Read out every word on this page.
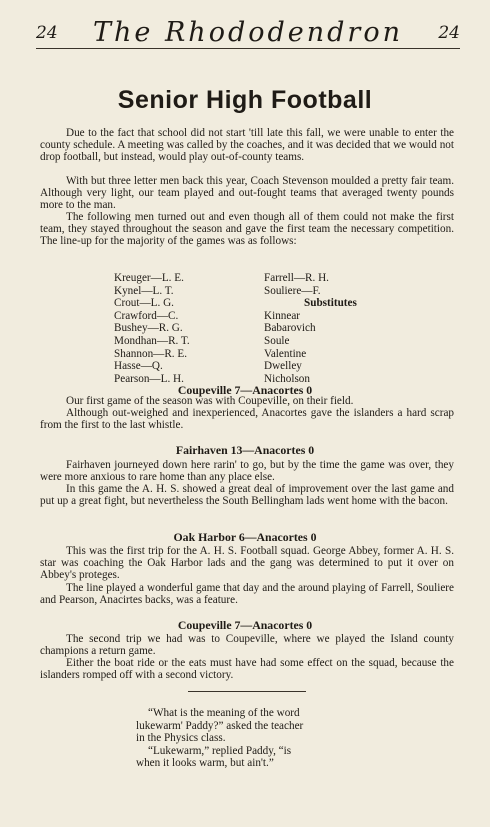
24 The Rhododendron 24
Senior High Football
Due to the fact that school did not start 'till late this fall, we were unable to enter the county schedule. A meeting was called by the coaches, and it was decided that we would not drop football, but instead, would play out-of-county teams.
With but three letter men back this year, Coach Stevenson moulded a pretty fair team. Although very light, our team played and out-fought teams that averaged twenty pounds more to the man.
The following men turned out and even though all of them could not make the first team, they stayed throughout the season and gave the first team the necessary competition. The line-up for the majority of the games was as follows:
Kreuger—L. E.
Kynel—L. T.
Crout—L. G.
Crawford—C.
Bushey—R. G.
Mondhan—R. T.
Shannon—R. E.
Hasse—Q.
Pearson—L. H.
Farrell—R. H.
Souliere—F.
Substitutes
Kinnear
Babarovich
Soule
Valentine
Dwelley
Nicholson
Coupeville 7—Anacortes 0
Our first game of the season was with Coupeville, on their field.
Although out-weighed and inexperienced, Anacortes gave the islanders a hard scrap from the first to the last whistle.
Fairhaven 13—Anacortes 0
Fairhaven journeyed down here rarin' to go, but by the time the game was over, they were more anxious to rare home than any place else.
In this game the A. H. S. showed a great deal of improvement over the last game and put up a great fight, but nevertheless the South Bellingham lads went home with the bacon.
Oak Harbor 6—Anacortes 0
This was the first trip for the A. H. S. Football squad. George Abbey, former A. H. S. star was coaching the Oak Harbor lads and the gang was determined to put it over on Abbey's proteges.
The line played a wonderful game that day and the around playing of Farrell, Souliere and Pearson, Anacirtes backs, was a feature.
Coupeville 7—Anacortes 0
The second trip we had was to Coupeville, where we played the Island county champions a return game.
Either the boat ride or the eats must have had some effect on the squad, because the islanders romped off with a second victory.
“What is the meaning of the word
lukewarm' Paddy?” asked the teacher
in the Physics class.
“Lukewarm,” replied Paddy, “is
when it looks warm, but ain't.”
